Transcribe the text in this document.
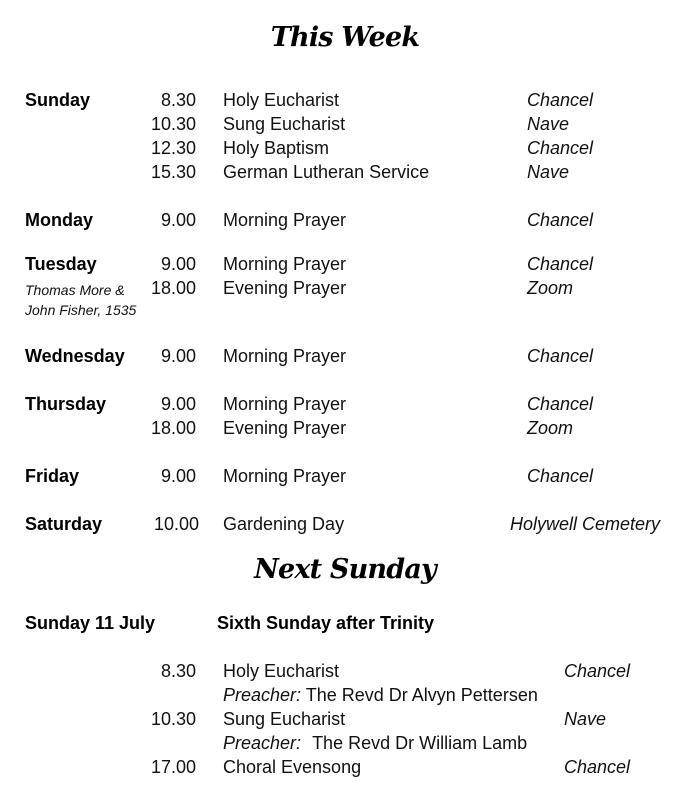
This Week
Sunday	8.30 Holy Eucharist	Chancel
10.30 Sung Eucharist	Nave
12.30 Holy Baptism	Chancel
15.30 German Lutheran Service	Nave
Monday	9.00 Morning Prayer	Chancel
Tuesday	9.00 Morning Prayer	Chancel
Thomas More &
John Fisher, 1535
18.00 Evening Prayer	Zoom
Wednesday	9.00 Morning Prayer	Chancel
Thursday	9.00 Morning Prayer	Chancel
18.00 Evening Prayer	Zoom
Friday	9.00 Morning Prayer	Chancel
Saturday	10.00 Gardening Day	Holywell Cemetery
Next Sunday
Sunday 11 July	Sixth Sunday after Trinity
8.30 Holy Eucharist	Chancel
Preacher: The Revd Dr Alvyn Pettersen
10.30 Sung Eucharist	Nave
Preacher: The Revd Dr William Lamb
17.00 Choral Evensong	Chancel
